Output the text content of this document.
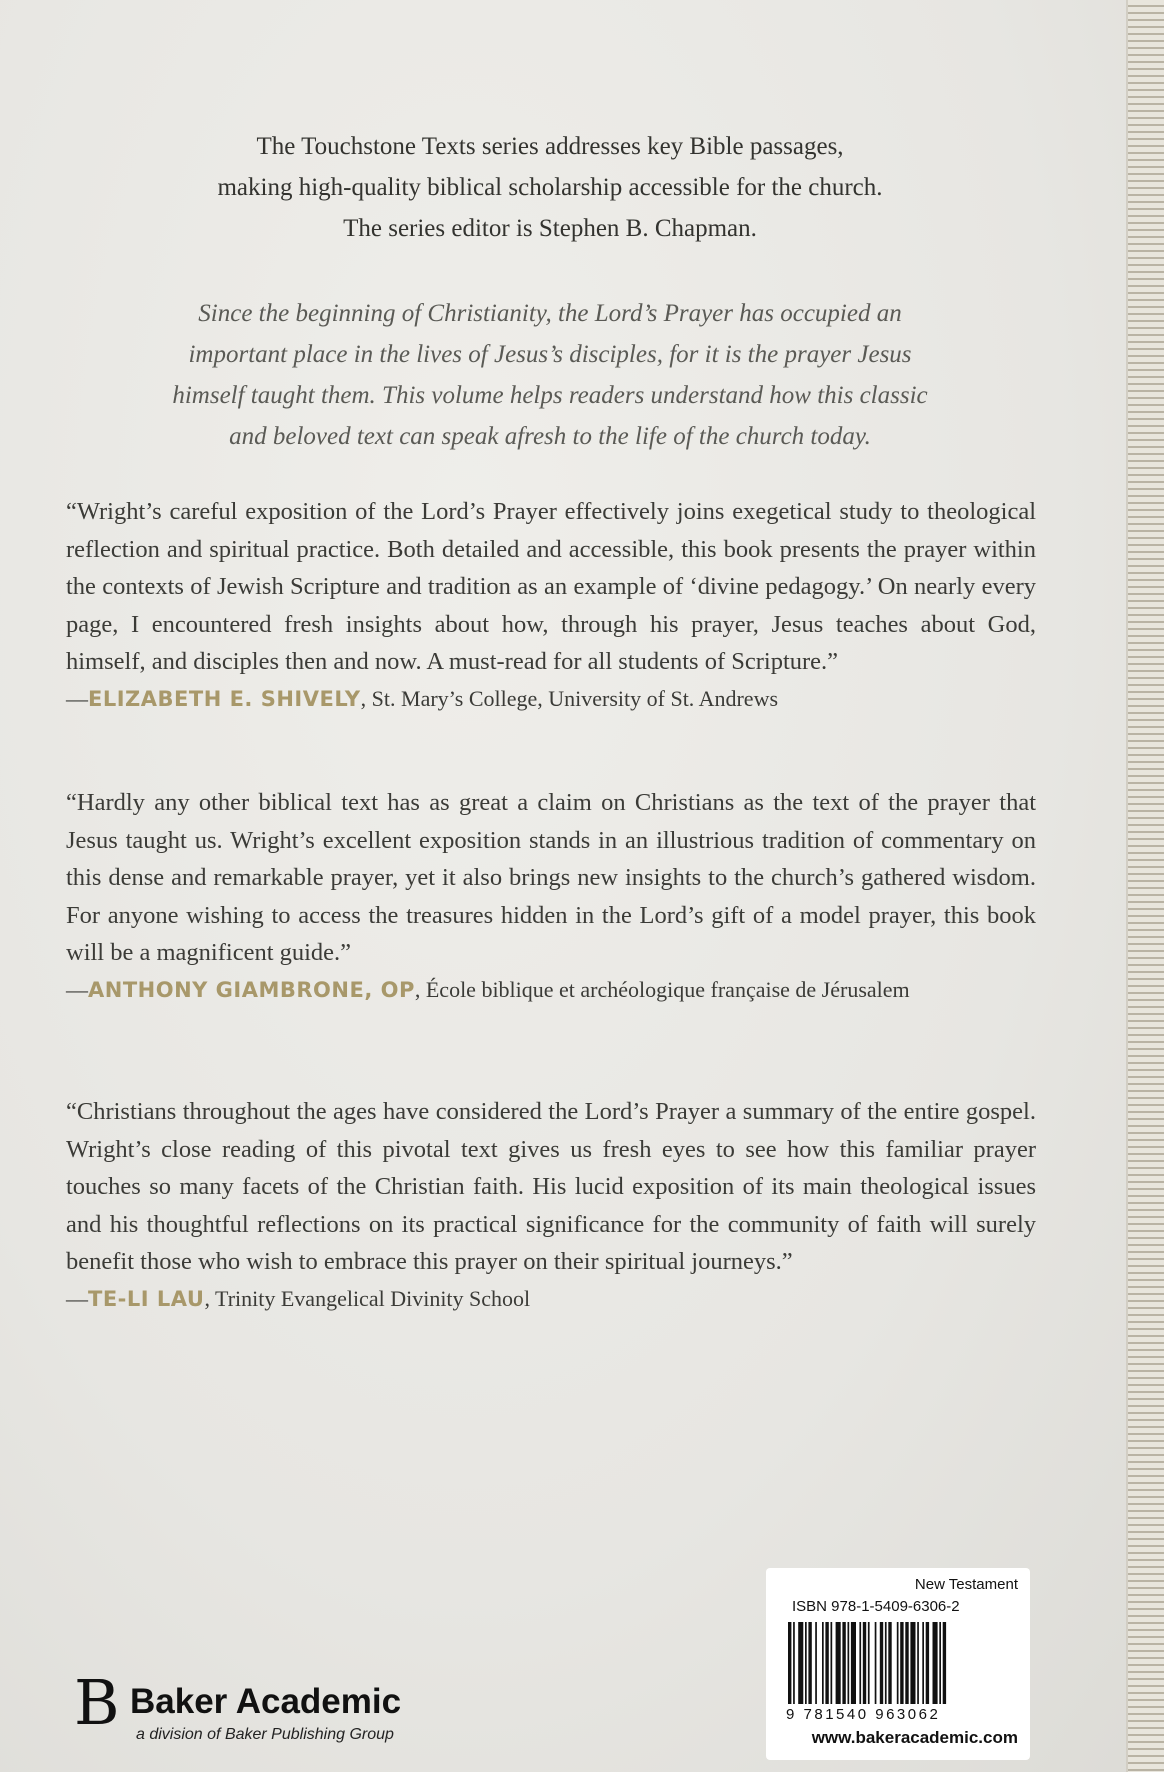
The Touchstone Texts series addresses key Bible passages,
making high-quality biblical scholarship accessible for the church.
The series editor is Stephen B. Chapman.
Since the beginning of Christianity, the Lord’s Prayer has occupied an
important place in the lives of Jesus’s disciples, for it is the prayer Jesus
himself taught them. This volume helps readers understand how this classic
and beloved text can speak afresh to the life of the church today.

“Wright’s careful exposition of the Lord’s Prayer effectively joins exegetical study to theological reflection and spiritual practice. Both detailed and accessible, this book presents the prayer within the contexts of Jewish Scripture and tradition as an example of ‘divine pedagogy.’ On nearly every page, I encountered fresh insights about how, through his prayer, Jesus teaches about God, himself, and disciples then and now. A must-read for all students of Scripture.”

—ELIZABETH E. SHIVELY, St. Mary’s College, University of St. Andrews

“Hardly any other biblical text has as great a claim on Christians as the text of the prayer that Jesus taught us. Wright’s excellent exposition stands in an illustrious tradition of commentary on this dense and remarkable prayer, yet it also brings new insights to the church’s gathered wisdom. For anyone wishing to access the treasures hidden in the Lord’s gift of a model prayer, this book will be a magnificent guide.”

—ANTHONY GIAMBRONE, OP, École biblique et archéologique française de Jérusalem

“Christians throughout the ages have considered the Lord’s Prayer a summary of the entire gospel. Wright’s close reading of this pivotal text gives us fresh eyes to see how this familiar prayer touches so many facets of the Christian faith. His lucid exposition of its main theological issues and his thoughtful reflections on its practical significance for the community of faith will surely benefit those who wish to embrace this prayer on their spiritual journeys.”

—TE-LI LAU, Trinity Evangelical Divinity School
B Baker Academic
a division of Baker Publishing Group
New Testament
ISBN 978-1-5409-6306-2
9 781540 963062
www.bakeracademic.com
